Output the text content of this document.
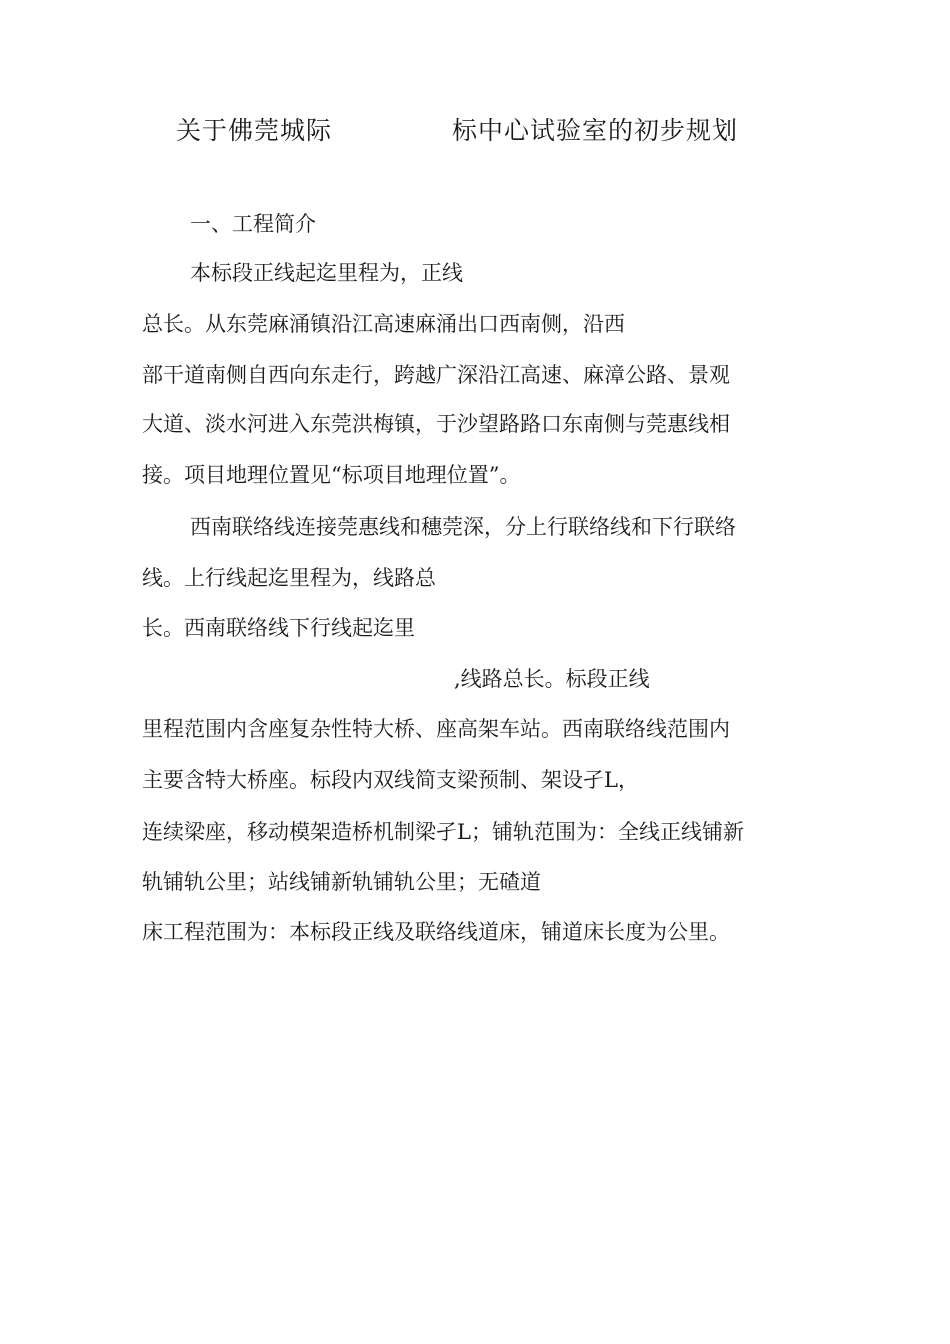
关于佛莞城际	标中心试验室的初步规划
一、工程简介
本标段正线起迄里程为，正线
总长。从东莞麻涌镇沿江高速麻涌出口西南侧，沿西
部干道南侧自西向东走行，跨越广深沿江高速、麻漳公路、景观
大道、淡水河进入东莞洪梅镇，于沙望路路口东南侧与莞惠线相
接。项目地理位置见“标项目地理位置”。
西南联络线连接莞惠线和穗莞深，分上行联络线和下行联络
线。上行线起迄里程为，线路总
长。西南联络线下行线起迄里
,线路总长。标段正线
里程范围内含座复杂性特大桥、座高架车站。西南联络线范围内
主要含特大桥座。标段内双线简支梁预制、架设孑L，
连续梁座，移动模架造桥机制梁孑L；铺轨范围为：全线正线铺新
轨铺轨公里；站线铺新轨铺轨公里；无碴道
床工程范围为：本标段正线及联络线道床，铺道床长度为公里。
